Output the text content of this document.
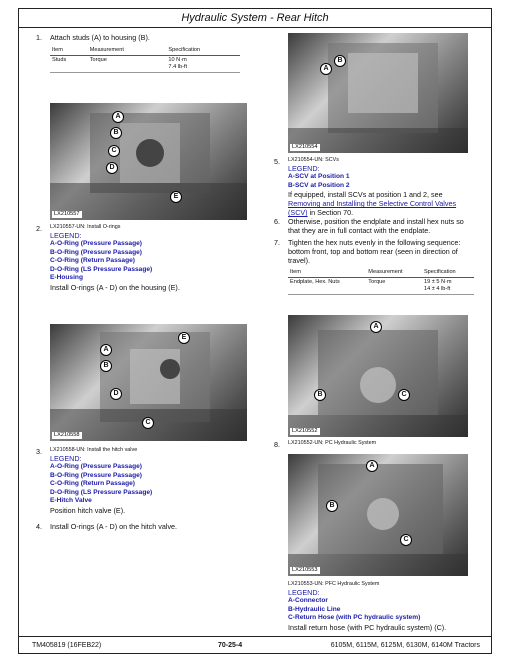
Hydraulic System - Rear Hitch
1. Attach studs (A) to housing (B).
Item	Measurement	Specification
Studs	Torque	10 N·m
7.4 lb-ft
A
B
C
D
E
LX210557
2. LX210557-UN: Install O-rings
LEGEND:
A-O-Ring (Pressure Passage)
B-O-Ring (Pressure Passage)
C-O-Ring (Return Passage)
D-O-Ring (LS Pressure Passage)
E-Housing
Install O-rings (A - D) on the housing (E).
E
A
B
D
C
LX210558
3. LX210558-UN: Install the hitch valve
LEGEND:
A-O-Ring (Pressure Passage)
B-O-Ring (Pressure Passage)
C-O-Ring (Return Passage)
D-O-Ring (LS Pressure Passage)
E-Hitch Valve
Position hitch valve (E).
4. Install O-rings (A - D) on the hitch valve.
B
A
LX210554
5. LX210554-UN: SCVs
LEGEND:
A-SCV at Position 1
B-SCV at Position 2
If equipped, install SCVs at position 1 and 2, see Removing and Installing the Selective Control Valves (SCV) in Section 70.
6. Otherwise, position the endplate and install hex nuts so that they are in full contact with the endplate.
7. Tighten the hex nuts evenly in the following sequence: bottom front, top and bottom rear (seen in direction of travel).
Item	Measurement	Specification
Endplate, Hex. Nuts	Torque	19 ± 5 N·m
14 ± 4 lb-ft
A
B	C
LX210552
8. LX210552-UN: PC Hydraulic System
A
B
C
LX210553
LX210553-UN: PFC Hydraulic System
LEGEND:
A-Connector
B-Hydraulic Line
C-Return Hose (with PC hydraulic system)
Install return hose (with PC hydraulic system) (C).
TM405819 (16FEB22)	70-25-4	6105M, 6115M, 6125M, 6130M, 6140M Tractors
